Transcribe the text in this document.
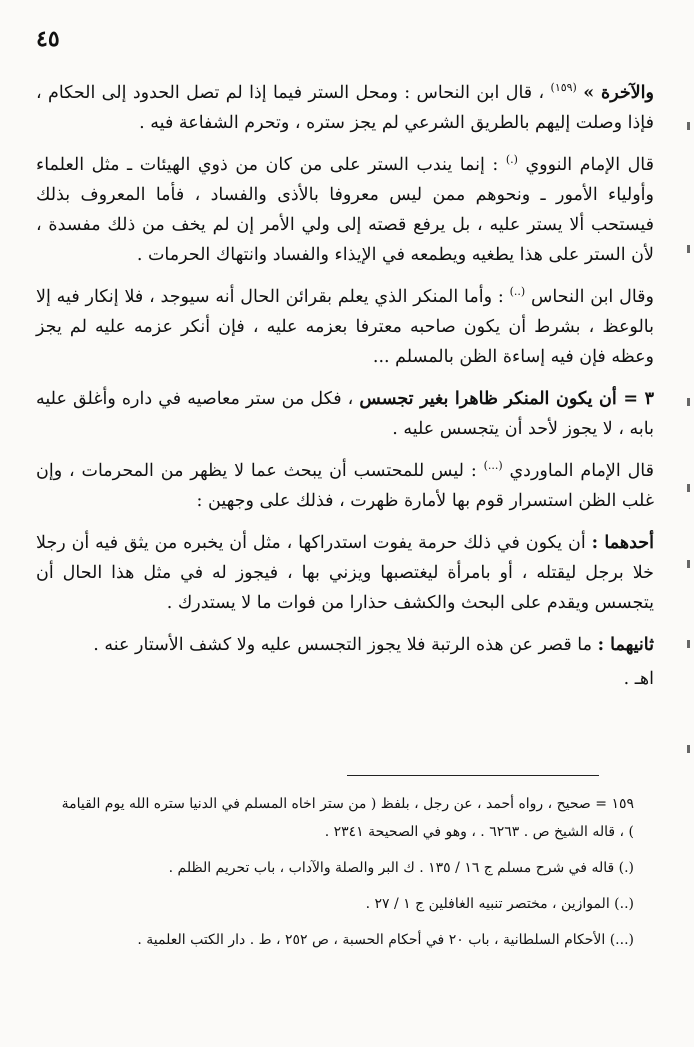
٤٥

والآخرة » $^{(١٥٩)}$ ، قال ابن النحاس : ومحل الستر فيما إذا لم تصل الحدود إلى الحكام ، فإذا وصلت إليهم بالطريق الشرعي لم يجز ستره ، وتحرم الشفاعة فيه .

قال الإمام النووي (.) : إنما يندب الستر على من كان من ذوي الهيئات ـ مثل العلماء وأولياء الأمور ـ ونحوهم ممن ليس معروفا بالأذى والفساد ، فأما المعروف بذلك فيستحب ألا يستر عليه ، بل يرفع قصته إلى ولي الأمر إن لم يخف من ذلك مفسدة ، لأن الستر على هذا يطغيه ويطمعه في الإيذاء والفساد وانتهاك الحرمات .

وقال ابن النحاس (..) : وأما المنكر الذي يعلم بقرائن الحال أنه سيوجد ، فلا إنكار فيه إلا بالوعظ ، بشرط أن يكون صاحبه معترفا بعزمه عليه ، فإن أنكر عزمه عليه لم يجز وعظه فإن فيه إساءة الظن بالمسلم ...

٣ = أن يكون المنكر ظاهرا بغير تجسس ، فكل من ستر معاصيه في داره وأغلق عليه بابه ، لا يجوز لأحد أن يتجسس عليه .

قال الإمام الماوردي (...) : ليس للمحتسب أن يبحث عما لا يظهر من المحرمات ، وإن غلب الظن استسرار قوم بها لأمارة ظهرت ، فذلك على وجهين :

أحدهما : أن يكون في ذلك حرمة يفوت استدراكها ، مثل أن يخبره من يثق فيه أن رجلا خلا برجل ليقتله ، أو بامرأة ليغتصبها ويزني بها ، فيجوز له في مثل هذا الحال أن يتجسس ويقدم على البحث والكشف حذارا من فوات ما لا يستدرك .

ثانيهما : ما قصر عن هذه الرتبة فلا يجوز التجسس عليه ولا كشف الأستار عنه .

اهـ .

١٥٩ = صحيح ، رواه أحمد ، عن رجل ، بلفظ ( من ستر اخاه المسلم في الدنيا ستره الله يوم القيامة ) ، قاله الشيخ ص . ٦٢٦٣ . ، وهو في الصحيحة ٢٣٤١ .

(.) قاله في شرح مسلم ج ١٦ / ١٣٥ . ك البر والصلة والآداب ، باب تحريم الظلم .

(..) الموازين ، مختصر تنبيه الغافلين ج ١ / ٢٧ .

(...) الأحكام السلطانية ، باب ٢٠ في أحكام الحسبة ، ص ٢٥٢ ، ط . دار الكتب العلمية .
